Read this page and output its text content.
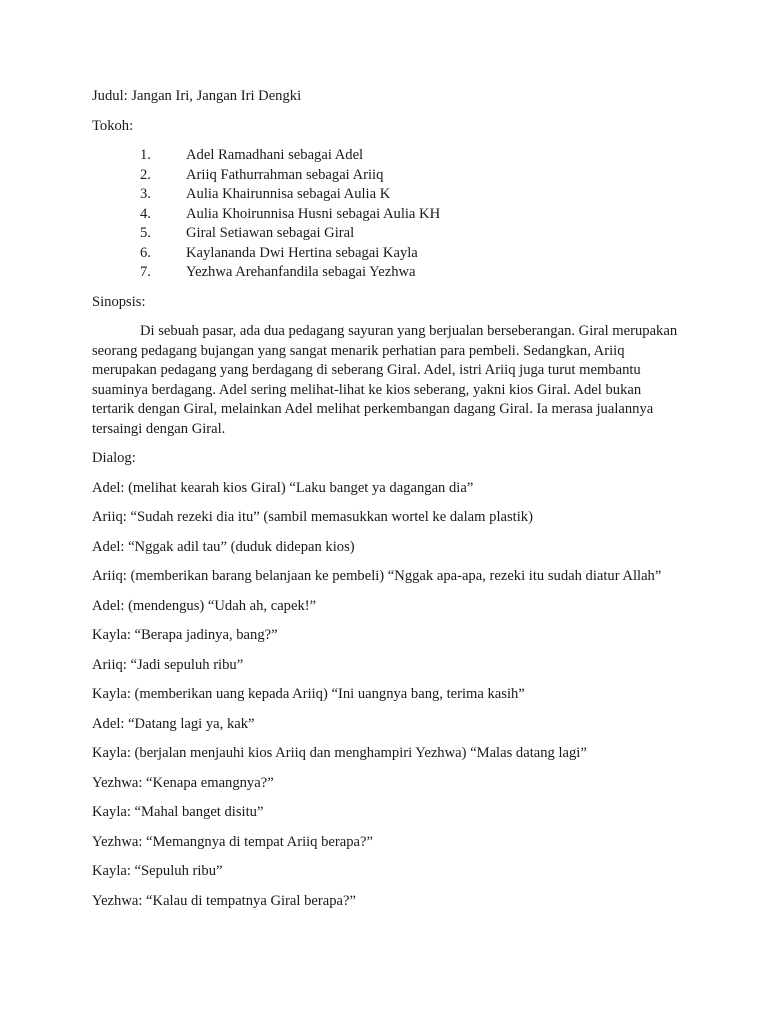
Judul: Jangan Iri, Jangan Iri Dengki

Tokoh:

1.	Adel Ramadhani sebagai Adel
2.	Ariiq Fathurrahman sebagai Ariiq
3.	Aulia Khairunnisa sebagai Aulia K
4.	Aulia Khoirunnisa Husni sebagai Aulia KH
5.	Giral Setiawan sebagai Giral
6.	Kaylananda Dwi Hertina sebagai Kayla
7.	Yezhwa Arehanfandila sebagai Yezhwa

Sinopsis:

Di sebuah pasar, ada dua pedagang sayuran yang berjualan berseberangan. Giral merupakan seorang pedagang bujangan yang sangat menarik perhatian para pembeli. Sedangkan, Ariiq merupakan pedagang yang berdagang di seberang Giral. Adel, istri Ariiq juga turut membantu suaminya berdagang. Adel sering melihat-lihat ke kios seberang, yakni kios Giral. Adel bukan tertarik dengan Giral, melainkan Adel melihat perkembangan dagang Giral. Ia merasa jualannya tersaingi dengan Giral.

Dialog:

Adel: (melihat kearah kios Giral) “Laku banget ya dagangan dia”

Ariiq: “Sudah rezeki dia itu” (sambil memasukkan wortel ke dalam plastik)

Adel: “Nggak adil tau” (duduk didepan kios)

Ariiq: (memberikan barang belanjaan ke pembeli) “Nggak apa-apa, rezeki itu sudah diatur Allah”

Adel: (mendengus) “Udah ah, capek!”

Kayla: “Berapa jadinya, bang?”

Ariiq: “Jadi sepuluh ribu”

Kayla: (memberikan uang kepada Ariiq) “Ini uangnya bang, terima kasih”

Adel: “Datang lagi ya, kak”

Kayla: (berjalan menjauhi kios Ariiq dan menghampiri Yezhwa) “Malas datang lagi”

Yezhwa: “Kenapa emangnya?”

Kayla: “Mahal banget disitu”

Yezhwa: “Memangnya di tempat Ariiq berapa?”

Kayla: “Sepuluh ribu”

Yezhwa: “Kalau di tempatnya Giral berapa?”
